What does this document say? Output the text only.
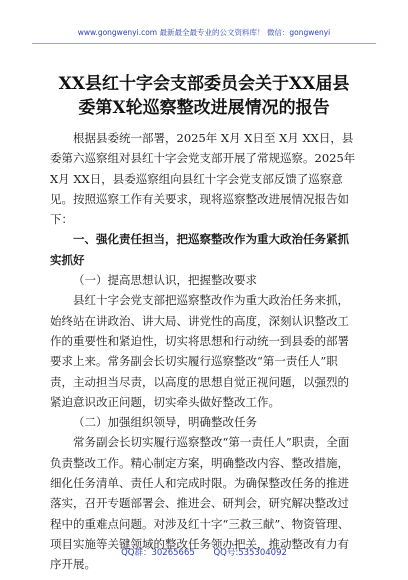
www.gongwenyi.com 最新最全最专业的公文资料库！ 微信：gongwenyi
XX县红十字会支部委员会关于XX届县
委第X轮巡察整改进展情况的报告

根据县委统一部署，2025年 X月 X日至 X月 XX日，县委第六巡察组对县红十字会党支部开展了常规巡察。2025年X月 XX日，县委巡察组向县红十字会党支部反馈了巡察意见。按照巡察工作有关要求，现将巡察整改进展情况报告如下：

一、强化责任担当，把巡察整改作为重大政治任务紧抓实抓好

（一）提高思想认识，把握整改要求

县红十字会党支部把巡察整改作为重大政治任务来抓，始终站在讲政治、讲大局、讲党性的高度，深刻认识整改工作的重要性和紧迫性，切实将思想和行动统一到县委的部署要求上来。常务副会长切实履行巡察整改“第一责任人”职责，主动担当尽责，以高度的思想自觉正视问题，以强烈的紧迫意识改正问题，切实牵头做好整改工作。

（二）加强组织领导，明确整改任务

常务副会长切实履行巡察整改“第一责任人”职责，全面负责整改工作。精心制定方案，明确整改内容、整改措施，细化任务清单、责任人和完成时限。为确保整改任务的推进落实，召开专题部署会、推进会、研判会，研究解决整改过程中的重难点问题。对涉及红十字“三救三献”、物资管理、项目实施等关键领域的整改任务领办把关，推动整改有力有序开展。

QQ群：30265665 QQ号:535304092
